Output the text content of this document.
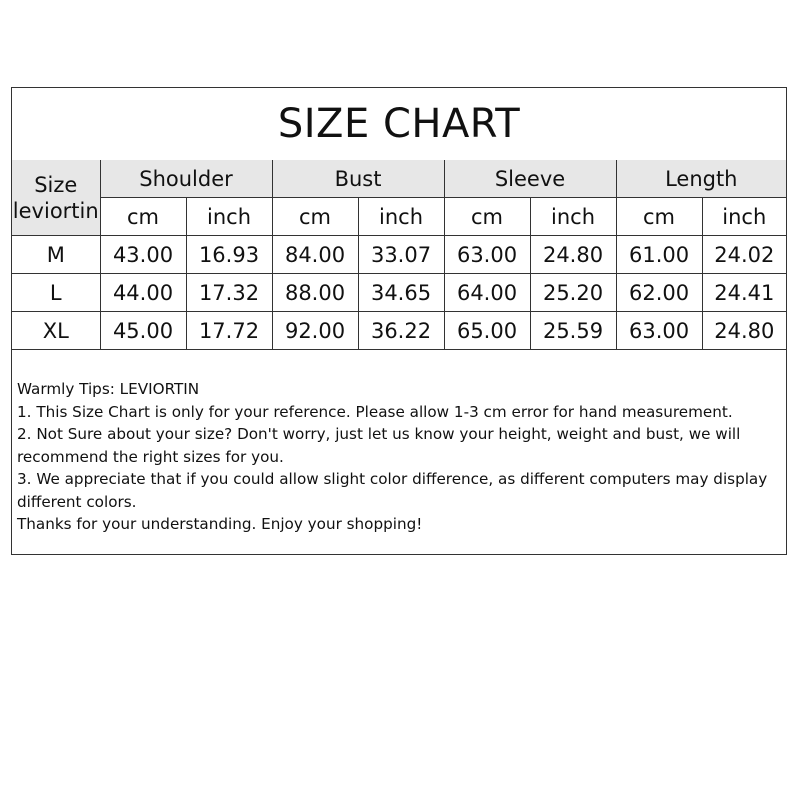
SIZE CHART
Size
leviortin	Shoulder		Bust		Sleeve		Length	
	cm	inch	cm	inch	cm	inch	cm	inch
M	43.00	16.93	84.00	33.07	63.00	24.80	61.00	24.02
L	44.00	17.32	88.00	34.65	64.00	25.20	62.00	24.41
XL	45.00	17.72	92.00	36.22	65.00	25.59	63.00	24.80
Warmly Tips: LEVIORTIN
1. This Size Chart is only for your reference. Please allow 1-3 cm error for hand measurement.
2. Not Sure about your size? Don't worry, just let us know your height, weight and bust, we will recommend the right sizes for you.
3. We appreciate that if you could allow slight color difference, as different computers may display different colors.
Thanks for your understanding. Enjoy your shopping!
